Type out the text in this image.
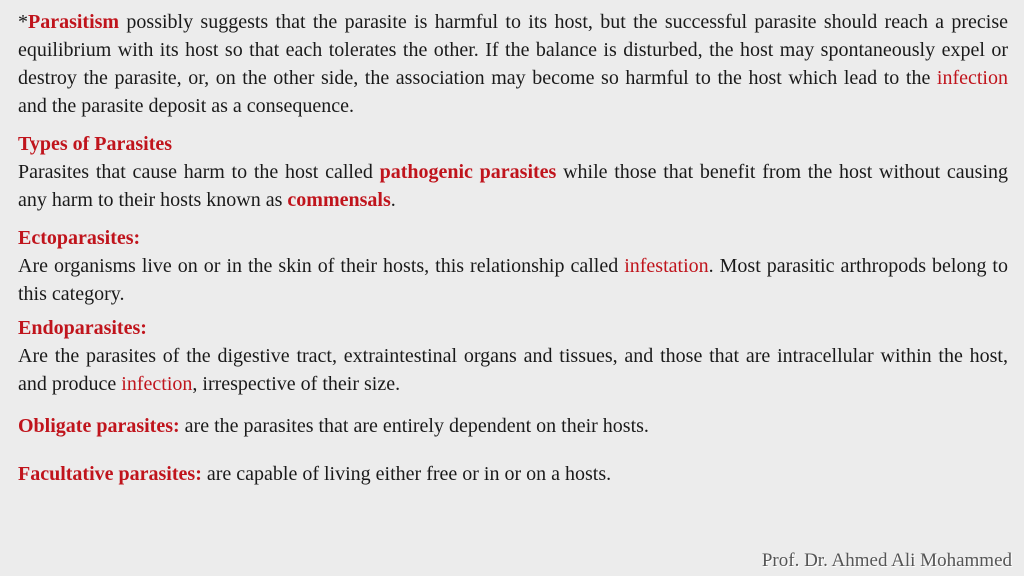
*Parasitism possibly suggests that the parasite is harmful to its host, but the successful parasite should reach a precise equilibrium with its host so that each tolerates the other. If the balance is disturbed, the host may spontaneously expel or destroy the parasite, or, on the other side, the association may become so harmful to the host which lead to the infection and the parasite deposit as a consequence.

Types of Parasites
Parasites that cause harm to the host called pathogenic parasites while those that benefit from the host without causing any harm to their hosts known as commensals.

Ectoparasites:
Are organisms live on or in the skin of their hosts, this relationship called infestation. Most parasitic arthropods belong to this category.

Endoparasites:
Are the parasites of the digestive tract, extraintestinal organs and tissues, and those that are intracellular within the host, and produce infection, irrespective of their size.

Obligate parasites: are the parasites that are entirely dependent on their hosts.

Facultative parasites: are capable of living either free or in or on a hosts.

Prof. Dr. Ahmed Ali Mohammed
